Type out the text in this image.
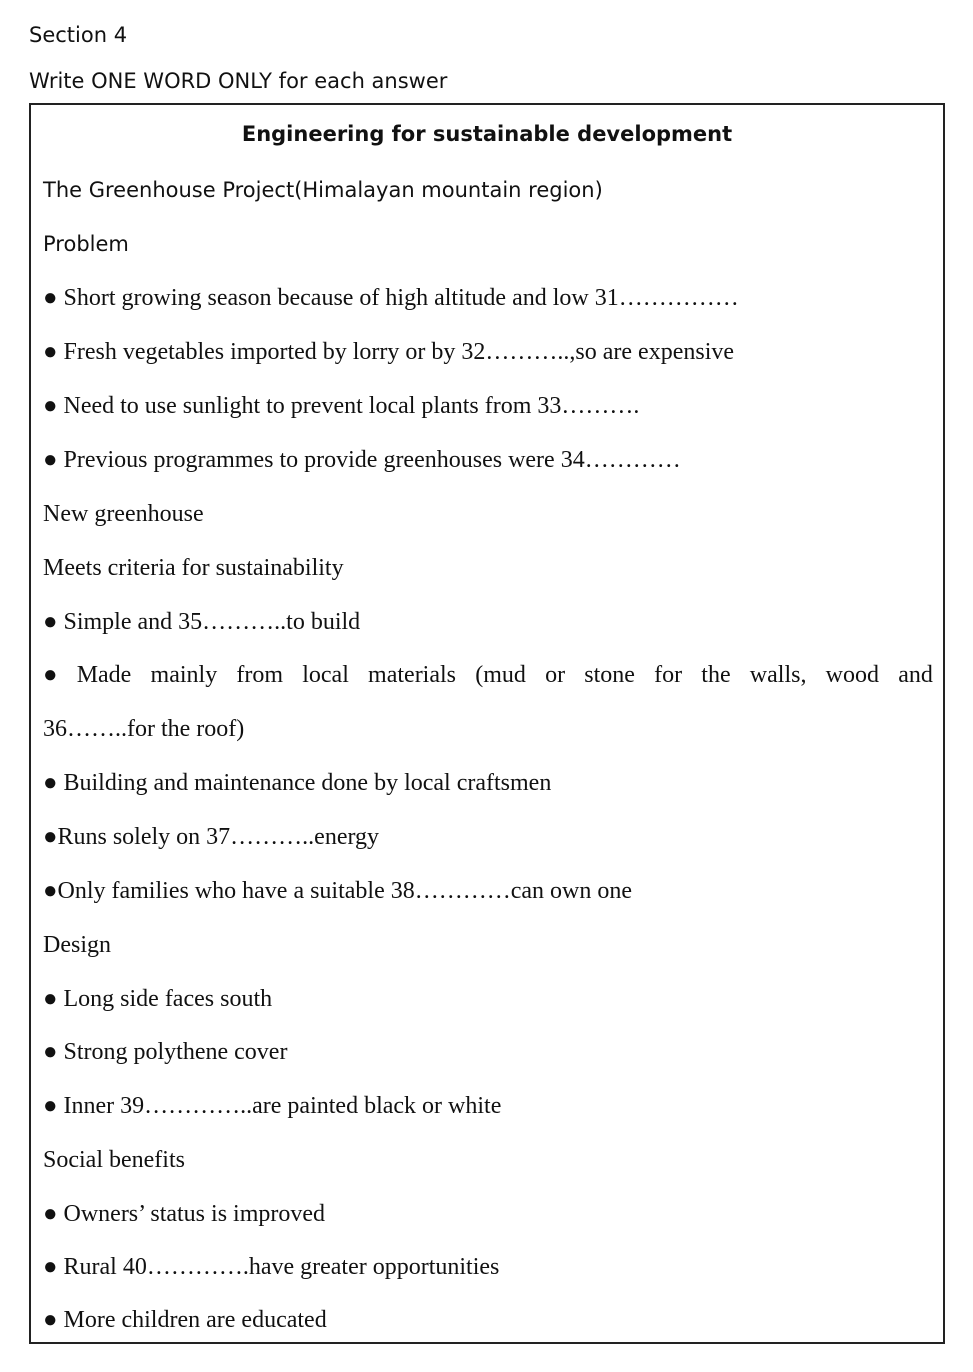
Section 4

Write ONE WORD ONLY for each answer

Engineering for sustainable development
The Greenhouse Project(Himalayan mountain region)
Problem
● Short growing season because of high altitude and low 31……………
● Fresh vegetables imported by lorry or by 32………..,so are expensive
● Need to use sunlight to prevent local plants from 33……….
● Previous programmes to provide greenhouses were 34…………
New greenhouse
Meets criteria for sustainability
● Simple and 35………..to build
● Made mainly from local materials (mud or stone for the walls, wood and
36……..for the roof)
● Building and maintenance done by local craftsmen
●Runs solely on 37………..energy
●Only families who have a suitable 38…………can own one
Design
● Long side faces south
● Strong polythene cover
● Inner 39…………..are painted black or white
Social benefits
● Owners’ status is improved
● Rural 40………….have greater opportunities
● More children are educated
